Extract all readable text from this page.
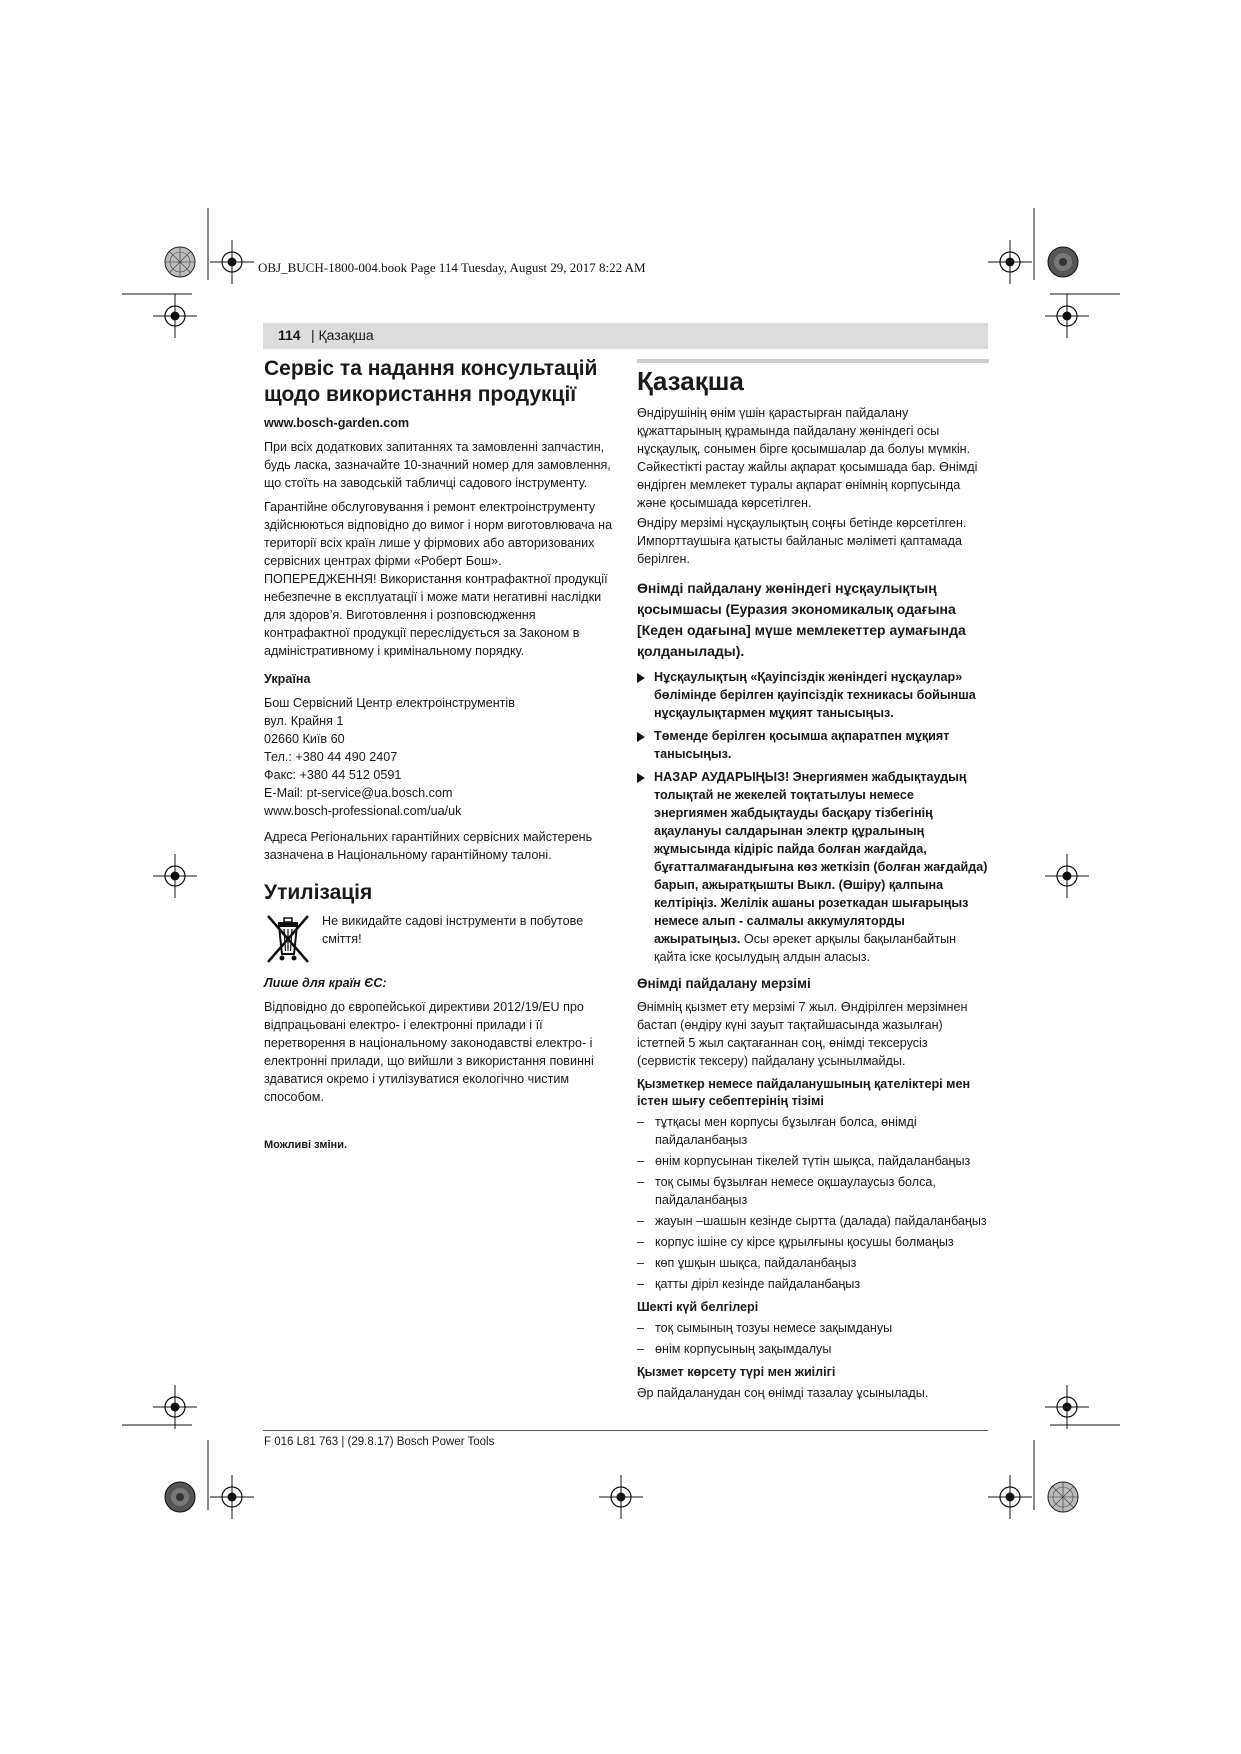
OBJ_BUCH-1800-004.book Page 114 Tuesday, August 29, 2017 8:22 AM
114 | Қазақша
Сервіс та надання консультацій
щодо використання продукції

www.bosch-garden.com

При всіх додаткових запитаннях та замовленні запчастин, будь ласка, зазначайте 10-значний номер для замовлення, що стоїть на заводській табличці садового інструменту.

Гарантійне обслуговування і ремонт електроінструменту здійснюються відповідно до вимог і норм виготовлювача на території всіх країн лише у фірмових або авторизованих сервісних центрах фірми «Роберт Бош». ПОПЕРЕДЖЕННЯ! Використання контрафактної продукції небезпечне в експлуатації і може мати негативні наслідки для здоров’я. Виготовлення і розповсюдження контрафактної продукції переслідується за Законом в адміністративному і кримінальному порядку.

Україна

Бош Сервісний Центр електроінструментів
вул. Крайня 1
02660 Київ 60
Тел.: +380 44 490 2407
Факс: +380 44 512 0591
E-Mail: pt-service@ua.bosch.com
www.bosch-professional.com/ua/uk

Адреса Регіональних гарантійних сервісних майстерень зазначена в Національному гарантійному талоні.

Утилізація
Не викидайте садові інструменти в побутове сміття!

Лише для країн ЄС:

Відповідно до європейської директиви 2012/19/EU про відпрацьовані електро- і електронні прилади і її перетворення в національному законодавстві електро- і електронні прилади, що вийшли з використання повинні здаватися окремо і утилізуватися екологічно чистим способом.

Можливі зміни.

Қазақша

Өндірушінің өнім үшін қарастырған пайдалану құжаттарының құрамында пайдалану жөніндегі осы нұсқаулық, сонымен бірге қосымшалар да болуы мүмкін. Сәйкестікті растау жайлы ақпарат қосымшада бар. Өнімді өндірген мемлекет туралы ақпарат өнімнің корпусында және қосымшада көрсетілген.

Өндіру мерзімі нұсқаулықтың соңғы бетінде көрсетілген. Импорттаушыға қатысты байланыс мәліметі қаптамада берілген.

Өнімді пайдалану жөніндегі нұсқаулықтың қосымшасы (Еуразия экономикалық одағына [Кеден одағына] мүше мемлекеттер аумағында қолданылады).
Нұсқаулықтың «Қауіпсіздік жөніндегі нұсқаулар» бөлімінде берілген қауіпсіздік техникасы бойынша нұсқаулықтармен мұқият танысыңыз.
Төменде берілген қосымша ақпаратпен мұқият танысыңыз.
НАЗАР АУДАРЫҢЫЗ! Энергиямен жабдықтаудың толықтай не жекелей тоқтатылуы немесе энергиямен жабдықтауды басқару тізбегінің ақаулануы салдарынан электр құралының жұмысында кідіріс пайда болған жағдайда, бұғатталмағандығына көз жеткізіп (болған жағдайда) барып, ажыратқышты Выкл. (Өшіру) қалпына келтіріңіз. Желілік ашаны розеткадан шығарыңыз немесе алып - салмалы аккумуляторды ажыратыңыз. Осы әрекет арқылы бақыланбайтын қайта іске қосылудың алдын аласыз.
Өнімді пайдалану мерзімі

Өнімнің қызмет ету мерзімі 7 жыл. Өндірілген мерзімнен бастап (өндіру күні зауыт тақтайшасында жазылған) істетпей 5 жыл сақтағаннан соң, өнімді тексерусіз (сервистік тексеру) пайдалану ұсынылмайды.

Қызметкер немесе пайдаланушының қателіктері мен істен шығу себептерінің тізімі
– тұтқасы мен корпусы бұзылған болса, өнімді пайдаланбаңыз
– өнім корпусынан тікелей түтін шықса, пайдаланбаңыз
– тоқ сымы бұзылған немесе оқшаулаусыз болса, пайдаланбаңыз
– жауын –шашын кезінде сыртта (далада) пайдаланбаңыз
– корпус ішіне су кірсе құрылғыны қосушы болмаңыз
– көп ұшқын шықса, пайдаланбаңыз
– қатты діріл кезінде пайдаланбаңыз
Шекті күй белгілері
– тоқ сымының тозуы немесе зақымдануы
– өнім корпусының зақымдалуы
Қызмет көрсету түрі мен жиілігі

Әр пайдаланудан соң өнімді тазалау ұсынылады.

F 016 L81 763 | (29.8.17) Bosch Power Tools
